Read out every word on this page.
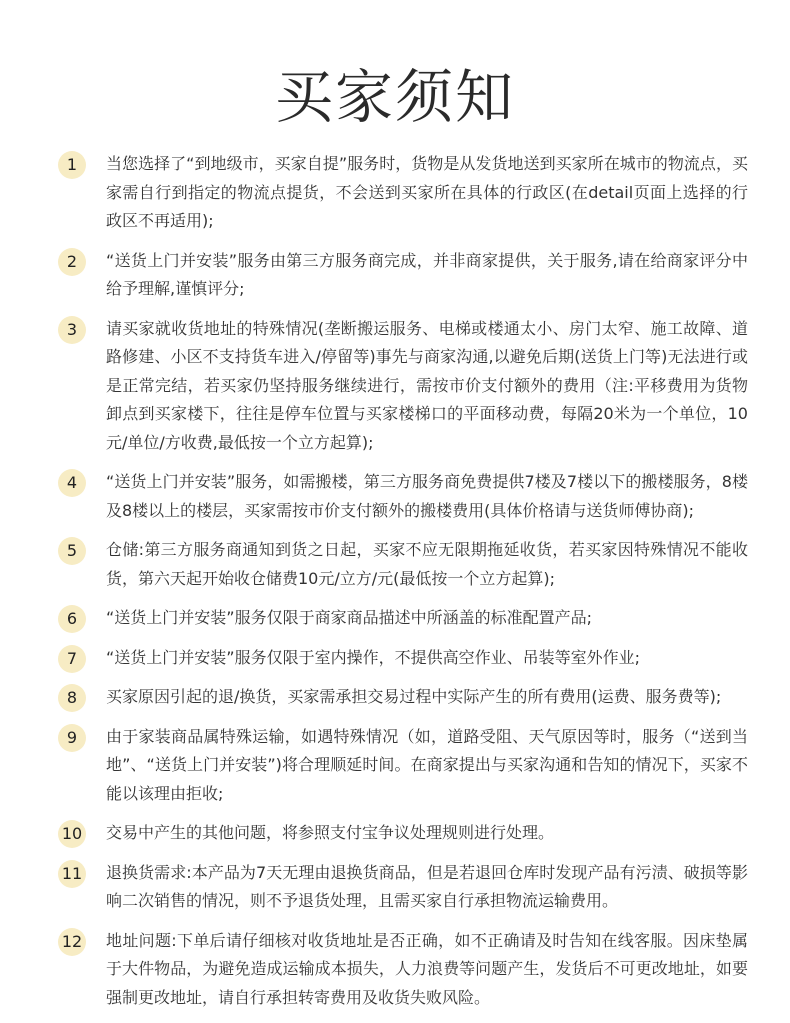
买家须知
1	当您选择了“到地级市，买家自提”服务时，货物是从发货地送到买家所在城市的物流点，买家需自行到指定的物流点提货，不会送到买家所在具体的行政区(在detail页面上选择的行政区不再适用);

2	“送货上门并安装”服务由第三方服务商完成，并非商家提供，关于服务,请在给商家评分中给予理解,谨慎评分;

3	请买家就收货地址的特殊情况(垄断搬运服务、电梯或楼通太小、房门太窄、施工故障、道路修建、小区不支持货车进入/停留等)事先与商家沟通,以避免后期(送货上门等)无法进行或是正常完结，若买家仍坚持服务继续进行，需按市价支付额外的费用（注:平移费用为货物卸点到买家楼下，往往是停车位置与买家楼梯口的平面移动费，每隔20米为一个单位，10元/单位/方收费,最低按一个立方起算);

4	“送货上门并安装”服务，如需搬楼，第三方服务商免费提供7楼及7楼以下的搬楼服务，8楼及8楼以上的楼层，买家需按市价支付额外的搬楼费用(具体价格请与送货师傅协商);

5	仓储:第三方服务商通知到货之日起，买家不应无限期拖延收货，若买家因特殊情况不能收货，第六天起开始收仓储费10元/立方/元(最低按一个立方起算);

6	“送货上门并安装”服务仅限于商家商品描述中所涵盖的标准配置产品;

7	“送货上门并安装”服务仅限于室内操作，不提供高空作业、吊装等室外作业;

8	买家原因引起的退/换货，买家需承担交易过程中实际产生的所有费用(运费、服务费等);

9	由于家装商品属特殊运输，如遇特殊情况（如，道路受阻、天气原因等时，服务（“送到当地”、“送货上门并安装”)将合理顺延时间。在商家提出与买家沟通和告知的情况下，买家不能以该理由拒收;

10 交易中产生的其他问题，将参照支付宝争议处理规则进行处理。

11 退换货需求:本产品为7天无理由退换货商品，但是若退回仓库时发现产品有污渍、破损等影响二次销售的情况，则不予退货处理，且需买家自行承担物流运输费用。

12 地址问题:下单后请仔细核对收货地址是否正确，如不正确请及时告知在线客服。因床垫属于大件物品，为避免造成运输成本损失，人力浪费等问题产生，发货后不可更改地址，如要强制更改地址，请自行承担转寄费用及收货失败风险。
